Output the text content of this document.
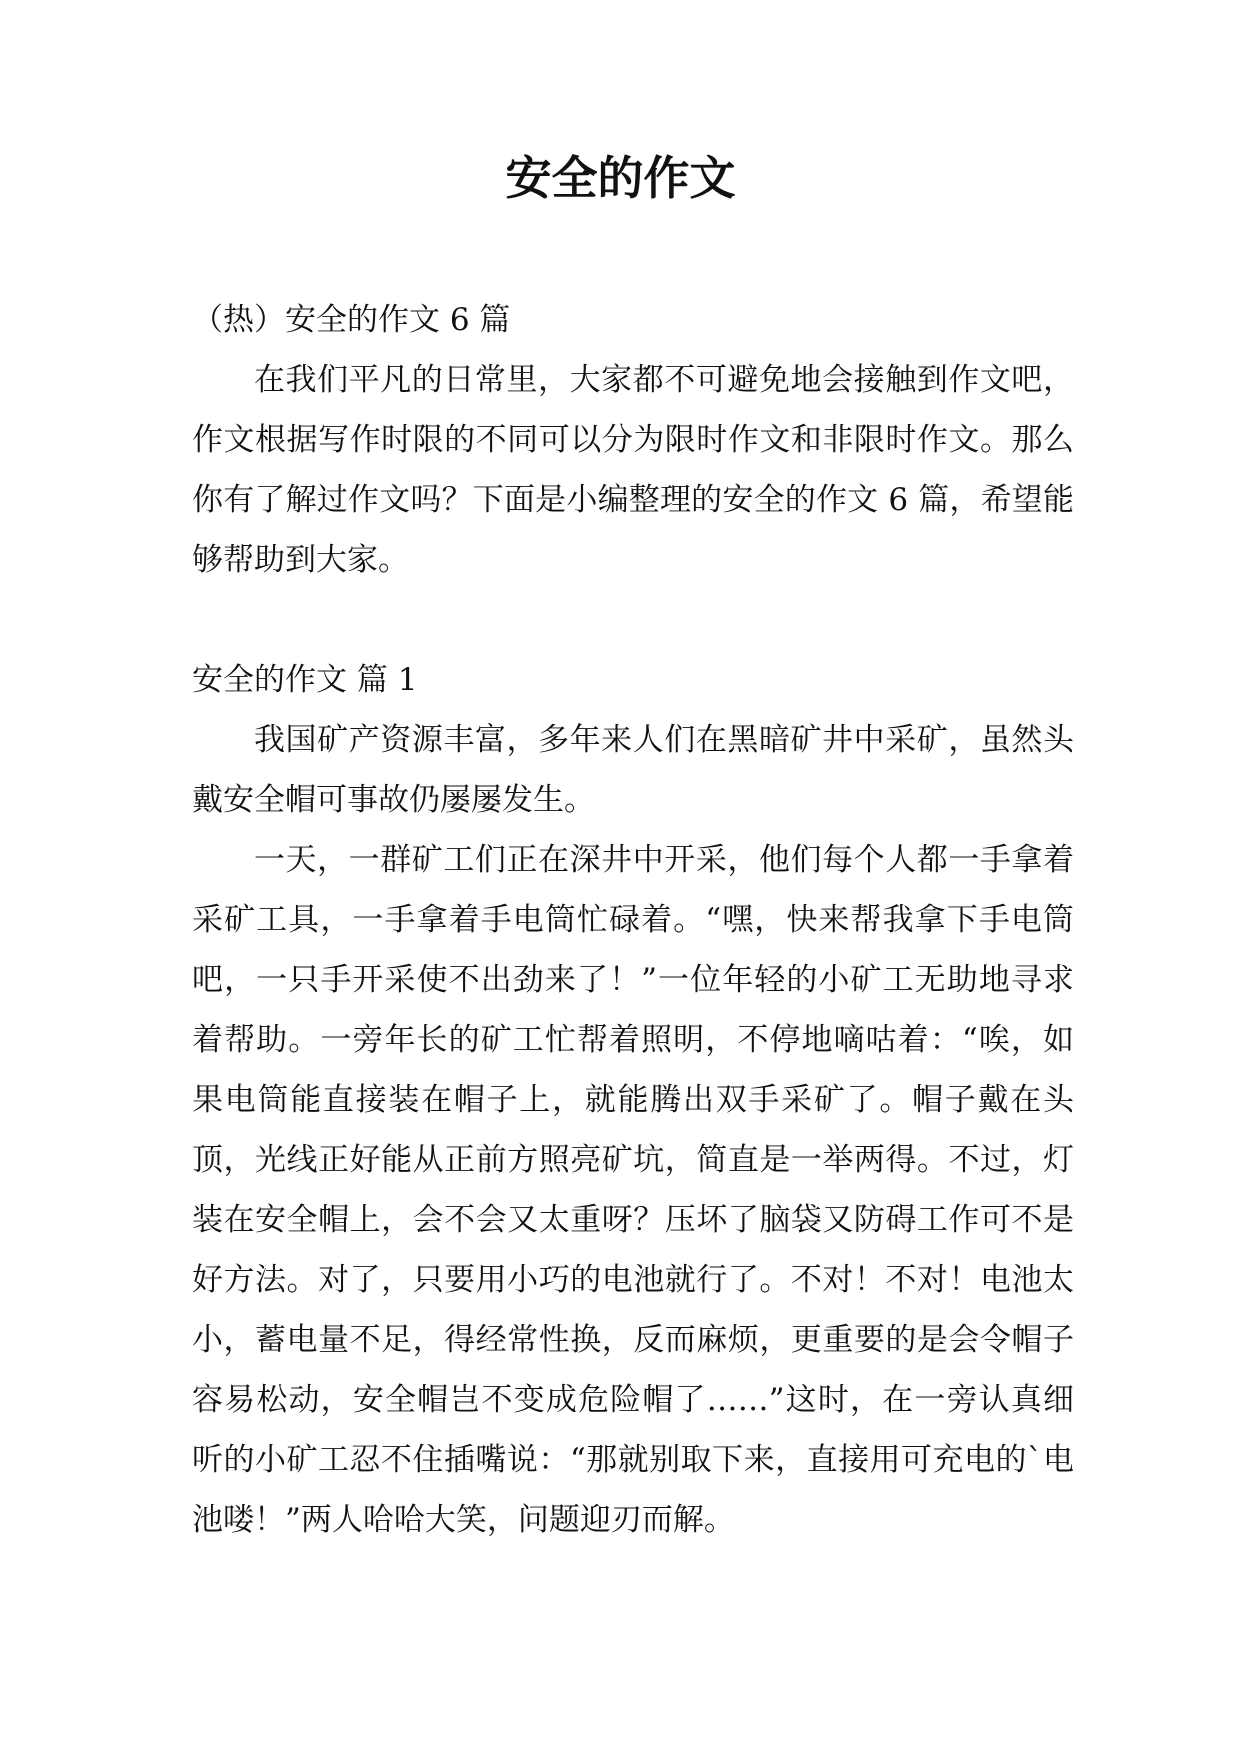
安全的作文

（热）安全的作文 6 篇

在我们平凡的日常里，大家都不可避免地会接触到作文吧，作文根据写作时限的不同可以分为限时作文和非限时作文。那么你有了解过作文吗？下面是小编整理的安全的作文 6 篇，希望能够帮助到大家。

安全的作文 篇 1

我国矿产资源丰富，多年来人们在黑暗矿井中采矿，虽然头戴安全帽可事故仍屡屡发生。

一天，一群矿工们正在深井中开采，他们每个人都一手拿着采矿工具，一手拿着手电筒忙碌着。“嘿，快来帮我拿下手电筒吧，一只手开采使不出劲来了！”一位年轻的小矿工无助地寻求着帮助。一旁年长的矿工忙帮着照明，不停地嘀咕着：“唉，如果电筒能直接装在帽子上，就能腾出双手采矿了。帽子戴在头顶，光线正好能从正前方照亮矿坑，简直是一举两得。不过，灯装在安全帽上，会不会又太重呀？压坏了脑袋又防碍工作可不是好方法。对了，只要用小巧的电池就行了。不对！不对！电池太小，蓄电量不足，得经常性换，反而麻烦，更重要的是会令帽子容易松动，安全帽岂不变成危险帽了……”这时，在一旁认真细听的小矿工忍不住插嘴说：“那就别取下来，直接用可充电的`电池喽！”两人哈哈大笑，问题迎刃而解。
